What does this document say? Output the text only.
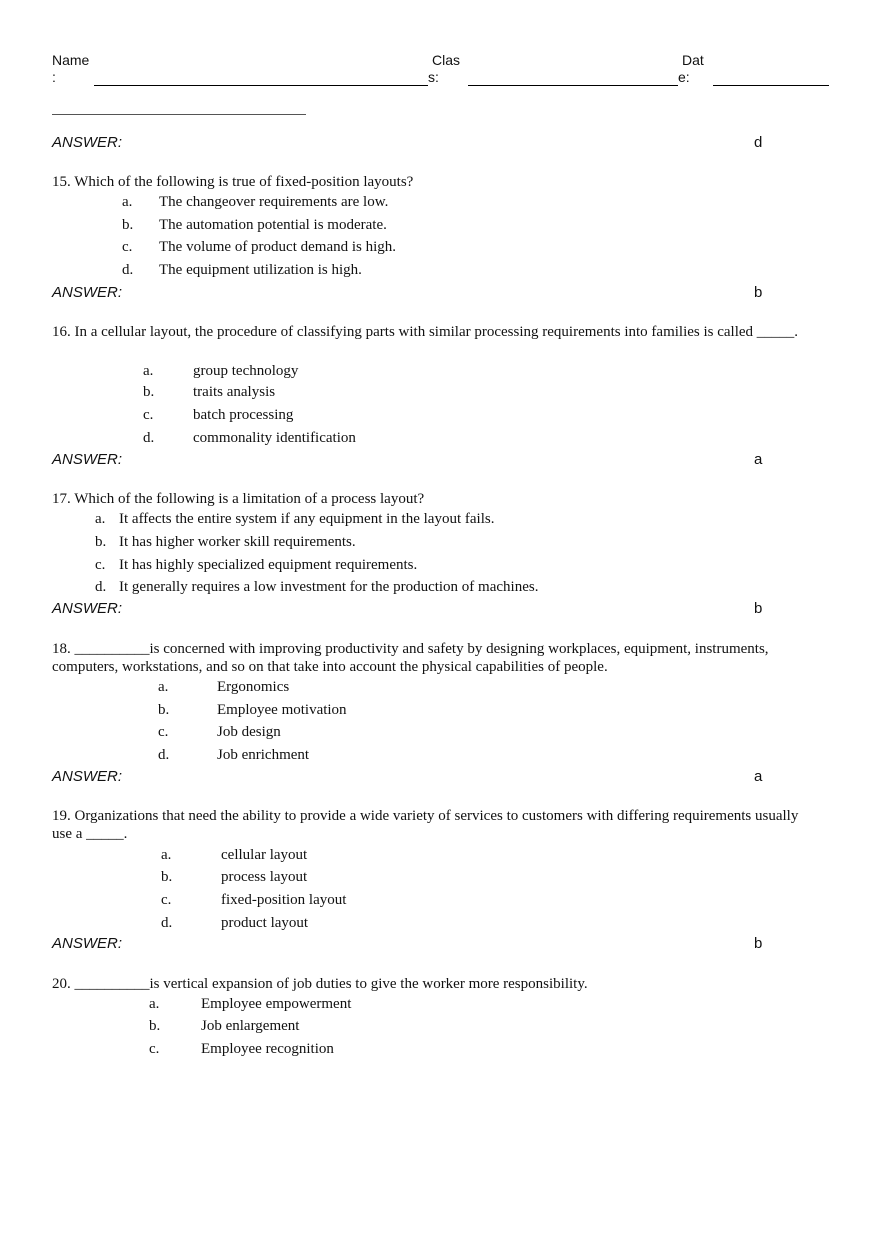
Name
:
Clas
s:
Dat
e:
ANSWER:	d
15. Which of the following is true of fixed-position layouts?
a. The changeover requirements are low.
b. The automation potential is moderate.
c. The volume of product demand is high.
d. The equipment utilization is high.
ANSWER:	b
16. In a cellular layout, the procedure of classifying parts with similar processing requirements into families is called _____.
a.	group technology
b.	traits analysis
c.	batch processing
d.	commonality identification
ANSWER:	a
17. Which of the following is a limitation of a process layout?
a. It affects the entire system if any equipment in the layout fails.
b. It has higher worker skill requirements.
c. It has highly specialized equipment requirements.
d. It generally requires a low investment for the production of machines.
ANSWER:	b
18. __________is concerned with improving productivity and safety by designing workplaces, equipment, instruments, computers, workstations, and so on that take into account the physical capabilities of people.
a.	Ergonomics
b.	Employee motivation
c.	Job design
d.	Job enrichment
ANSWER:	a
19. Organizations that need the ability to provide a wide variety of services to customers with differing requirements usually use a _____.
a.	cellular layout
b.	process layout
c.	fixed-position layout
d.	product layout
ANSWER:	b
20. __________is vertical expansion of job duties to give the worker more responsibility.
a.	Employee empowerment
b.	Job enlargement
c.	Employee recognition
